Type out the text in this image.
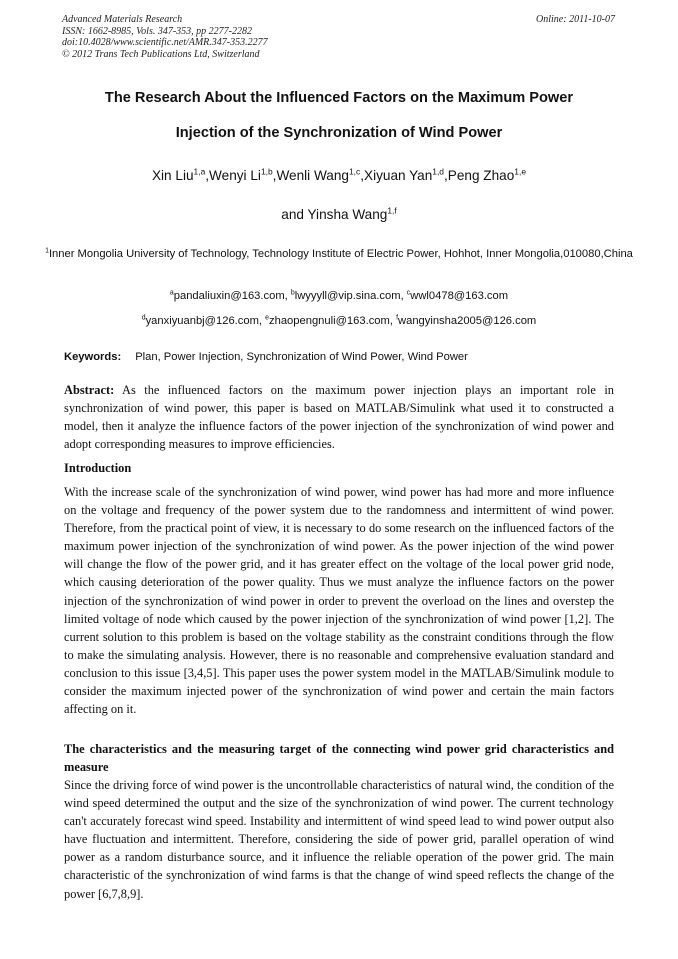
Advanced Materials Research
ISSN: 1662-8985, Vols. 347-353, pp 2277-2282
doi:10.4028/www.scientific.net/AMR.347-353.2277
© 2012 Trans Tech Publications Ltd, Switzerland
Online: 2011-10-07
The Research About the Influenced Factors on the Maximum Power
Injection of the Synchronization of Wind Power
Xin Liu$^{1,a}$,Wenyi Li$^{1,b}$,Wenli Wang$^{1,c}$,Xiyuan Yan$^{1,d}$,Peng Zhao$^{1,e}$
and Yinsha Wang$^{1,f}$
$^1$Inner Mongolia University of Technology, Technology Institute of Electric Power, Hohhot, Inner Mongolia,010080,China
$^a$pandaliuxin@163.com, $^b$lwyyyll@vip.sina.com, $^c$wwl0478@163.com
$^d$yanxiyuanbj@126.com, $^e$zhaopengnuli@163.com, $^f$wangyinsha2005@126.com
Keywords: Plan, Power Injection, Synchronization of Wind Power, Wind Power
Abstract: As the influenced factors on the maximum power injection plays an important role in synchronization of wind power, this paper is based on MATLAB/Simulink what used it to constructed a model, then it analyze the influence factors of the power injection of the synchronization of wind power and adopt corresponding measures to improve efficiencies.
Introduction
With the increase scale of the synchronization of wind power, wind power has had more and more influence on the voltage and frequency of the power system due to the randomness and intermittent of wind power. Therefore, from the practical point of view, it is necessary to do some research on the influenced factors of the maximum power injection of the synchronization of wind power. As the power injection of the wind power will change the flow of the power grid, and it has greater effect on the voltage of the local power grid node, which causing deterioration of the power quality. Thus we must analyze the influence factors on the power injection of the synchronization of wind power in order to prevent the overload on the lines and overstep the limited voltage of node which caused by the power injection of the synchronization of wind power [1,2]. The current solution to this problem is based on the voltage stability as the constraint conditions through the flow to make the simulating analysis. However, there is no reasonable and comprehensive evaluation standard and conclusion to this issue [3,4,5]. This paper uses the power system model in the MATLAB/Simulink module to consider the maximum injected power of the synchronization of wind power and certain the main factors affecting on it.
The characteristics and the measuring target of the connecting wind power grid characteristics and measure
Since the driving force of wind power is the uncontrollable characteristics of natural wind, the condition of the wind speed determined the output and the size of the synchronization of wind power. The current technology can't accurately forecast wind speed. Instability and intermittent of wind speed lead to wind power output also have fluctuation and intermittent. Therefore, considering the side of power grid, parallel operation of wind power as a random disturbance source, and it influence the reliable operation of the power grid. The main characteristic of the synchronization of wind farms is that the change of wind speed reflects the change of the power [6,7,8,9].
